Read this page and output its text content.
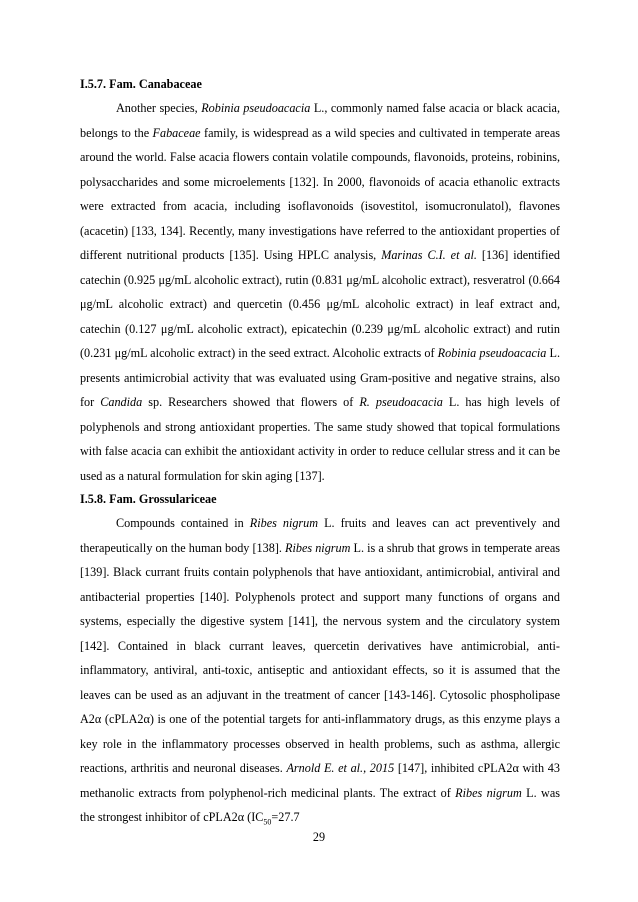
I.5.7. Fam. Canabaceae

Another species, Robinia pseudoacacia L., commonly named false acacia or black acacia, belongs to the Fabaceae family, is widespread as a wild species and cultivated in temperate areas around the world. False acacia flowers contain volatile compounds, flavonoids, proteins, robinins, polysaccharides and some microelements [132]. In 2000, flavonoids of acacia ethanolic extracts were extracted from acacia, including isoflavonoids (isovestitol, isomucronulatol), flavones (acacetin) [133, 134]. Recently, many investigations have referred to the antioxidant properties of different nutritional products [135]. Using HPLC analysis, Marinas C.I. et al. [136] identified catechin (0.925 μg/mL alcoholic extract), rutin (0.831 μg/mL alcoholic extract), resveratrol (0.664 μg/mL alcoholic extract) and quercetin (0.456 μg/mL alcoholic extract) in leaf extract and, catechin (0.127 μg/mL alcoholic extract), epicatechin (0.239 μg/mL alcoholic extract) and rutin (0.231 μg/mL alcoholic extract) in the seed extract. Alcoholic extracts of Robinia pseudoacacia L. presents antimicrobial activity that was evaluated using Gram-positive and negative strains, also for Candida sp. Researchers showed that flowers of R. pseudoacacia L. has high levels of polyphenols and strong antioxidant properties. The same study showed that topical formulations with false acacia can exhibit the antioxidant activity in order to reduce cellular stress and it can be used as a natural formulation for skin aging [137].

I.5.8. Fam. Grossulariceae

Compounds contained in Ribes nigrum L. fruits and leaves can act preventively and therapeutically on the human body [138]. Ribes nigrum L. is a shrub that grows in temperate areas [139]. Black currant fruits contain polyphenols that have antioxidant, antimicrobial, antiviral and antibacterial properties [140]. Polyphenols protect and support many functions of organs and systems, especially the digestive system [141], the nervous system and the circulatory system [142]. Contained in black currant leaves, quercetin derivatives have antimicrobial, anti-inflammatory, antiviral, anti-toxic, antiseptic and antioxidant effects, so it is assumed that the leaves can be used as an adjuvant in the treatment of cancer [143-146]. Cytosolic phospholipase A2α (cPLA2α) is one of the potential targets for anti-inflammatory drugs, as this enzyme plays a key role in the inflammatory processes observed in health problems, such as asthma, allergic reactions, arthritis and neuronal diseases. Arnold E. et al., 2015 [147], inhibited cPLA2α with 43 methanolic extracts from polyphenol-rich medicinal plants. The extract of Ribes nigrum L. was the strongest inhibitor of cPLA2α ($IC_{50}=27.7$

29
